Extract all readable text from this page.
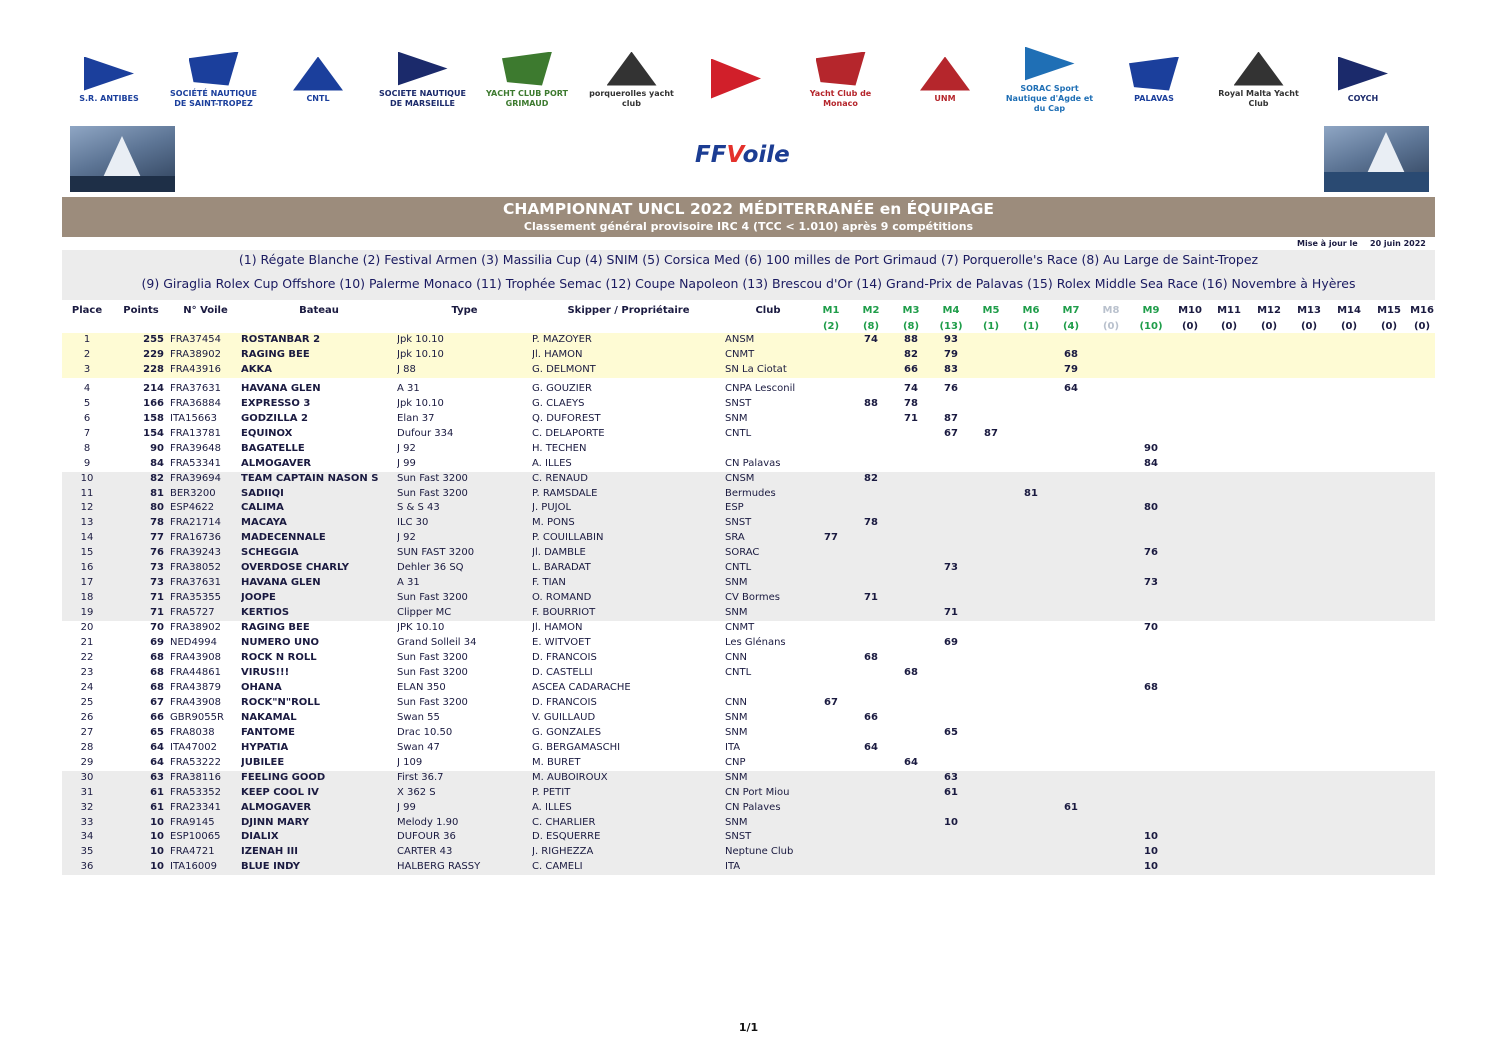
S.R. ANTIBES
SOCIÉTÉ NAUTIQUE DE SAINT-TROPEZ
CNTL
SOCIETE NAUTIQUE DE MARSEILLE
YACHT CLUB PORT GRIMAUD
porquerolles yacht club
Yacht Club de Monaco
UNM
SORAC Sport Nautique d'Agde et du Cap
PALAVAS
Royal Malta Yacht Club
COYCH
FFVoile
CHAMPIONNAT UNCL 2022 MÉDITERRANÉE en ÉQUIPAGE
Classement général provisoire IRC 4 (TCC < 1.010) après 9 compétitions
Mise à jour le 20 juin 2022
(1) Régate Blanche (2) Festival Armen (3) Massilia Cup (4) SNIM (5) Corsica Med (6) 100 milles de Port Grimaud (7) Porquerolle's Race (8) Au Large de Saint-Tropez
(9) Giraglia Rolex Cup Offshore (10) Palerme Monaco (11) Trophée Semac (12) Coupe Napoleon (13) Brescou d'Or (14) Grand-Prix de Palavas (15) Rolex Middle Sea Race (16) Novembre à Hyères
Place	Points	N° Voile	Bateau	Type	Skipper / Propriétaire	Club	M1	M2	M3	M4	M5	M6	M7	M8	M9	M10	M11	M12	M13	M14	M15	M16
							(2)	(8)	(8)	(13)	(1)	(1)	(4)	(0)	(10)	(0)	(0)	(0)	(0)	(0)	(0)	(0)
1	255	FRA37454	ROSTANBAR 2	Jpk 10.10	P. MAZOYER	ANSM		74	88	93												
2	229	FRA38902	RAGING BEE	Jpk 10.10	Jl. HAMON	CNMT			82	79			68									
3	228	FRA43916	AKKA	J 88	G. DELMONT	SN La Ciotat			66	83			79									

4	214	FRA37631	HAVANA GLEN	A 31	G. GOUZIER	CNPA Lesconil			74	76			64									
5	166	FRA36884	EXPRESSO 3	Jpk 10.10	G. CLAEYS	SNST		88	78													
6	158	ITA15663	GODZILLA 2	Elan 37	Q. DUFOREST	SNM			71	87												
7	154	FRA13781	EQUINOX	Dufour 334	C. DELAPORTE	CNTL				67	87											
8	90	FRA39648	BAGATELLE	J 92	H. TECHEN										90							
9	84	FRA53341	ALMOGAVER	J 99	A. ILLES	CN Palavas									84							
10	82	FRA39694	TEAM CAPTAIN NASON S	Sun Fast 3200	C. RENAUD	CNSM		82														
11	81	BER3200	SADIIQI	Sun Fast 3200	P. RAMSDALE	Bermudes						81										
12	80	ESP4622	CALIMA	S & S 43	J. PUJOL	ESP									80							
13	78	FRA21714	MACAYA	ILC 30	M. PONS	SNST		78														
14	77	FRA16736	MADECENNALE	J 92	P. COUILLABIN	SRA	77															
15	76	FRA39243	SCHEGGIA	SUN FAST 3200	Jl. DAMBLE	SORAC									76							
16	73	FRA38052	OVERDOSE CHARLY	Dehler 36 SQ	L. BARADAT	CNTL				73												
17	73	FRA37631	HAVANA GLEN	A 31	F. TIAN	SNM									73							
18	71	FRA35355	JOOPE	Sun Fast 3200	O. ROMAND	CV Bormes		71														
19	71	FRA5727	KERTIOS	Clipper MC	F. BOURRIOT	SNM				71												
20	70	FRA38902	RAGING BEE	JPK 10.10	Jl. HAMON	CNMT									70							
21	69	NED4994	NUMERO UNO	Grand Solleil 34	E. WITVOET	Les Glénans				69												
22	68	FRA43908	ROCK N ROLL	Sun Fast 3200	D. FRANCOIS	CNN		68														
23	68	FRA44861	VIRUS!!!	Sun Fast 3200	D. CASTELLI	CNTL			68													
24	68	FRA43879	OHANA	ELAN 350	ASCEA CADARACHE										68							
25	67	FRA43908	ROCK"N"ROLL	Sun Fast 3200	D. FRANCOIS	CNN	67															
26	66	GBR9055R	NAKAMAL	Swan 55	V. GUILLAUD	SNM		66														
27	65	FRA8038	FANTOME	Drac 10.50	G. GONZALES	SNM				65												
28	64	ITA47002	HYPATIA	Swan 47	G. BERGAMASCHI	ITA		64														
29	64	FRA53222	JUBILEE	J 109	M. BURET	CNP			64													
30	63	FRA38116	FEELING GOOD	First 36.7	M. AUBOIROUX	SNM				63												
31	61	FRA53352	KEEP COOL IV	X 362 S	P. PETIT	CN Port Miou				61												
32	61	FRA23341	ALMOGAVER	J 99	A. ILLES	CN Palaves							61									
33	10	FRA9145	DJINN MARY	Melody 1.90	C. CHARLIER	SNM				10												
34	10	ESP10065	DIALIX	DUFOUR 36	D. ESQUERRE	SNST									10							
35	10	FRA4721	IZENAH III	CARTER 43	J. RIGHEZZA	Neptune Club									10							
36	10	ITA16009	BLUE INDY	HALBERG RASSY	C. CAMELI	ITA									10							
1/1
